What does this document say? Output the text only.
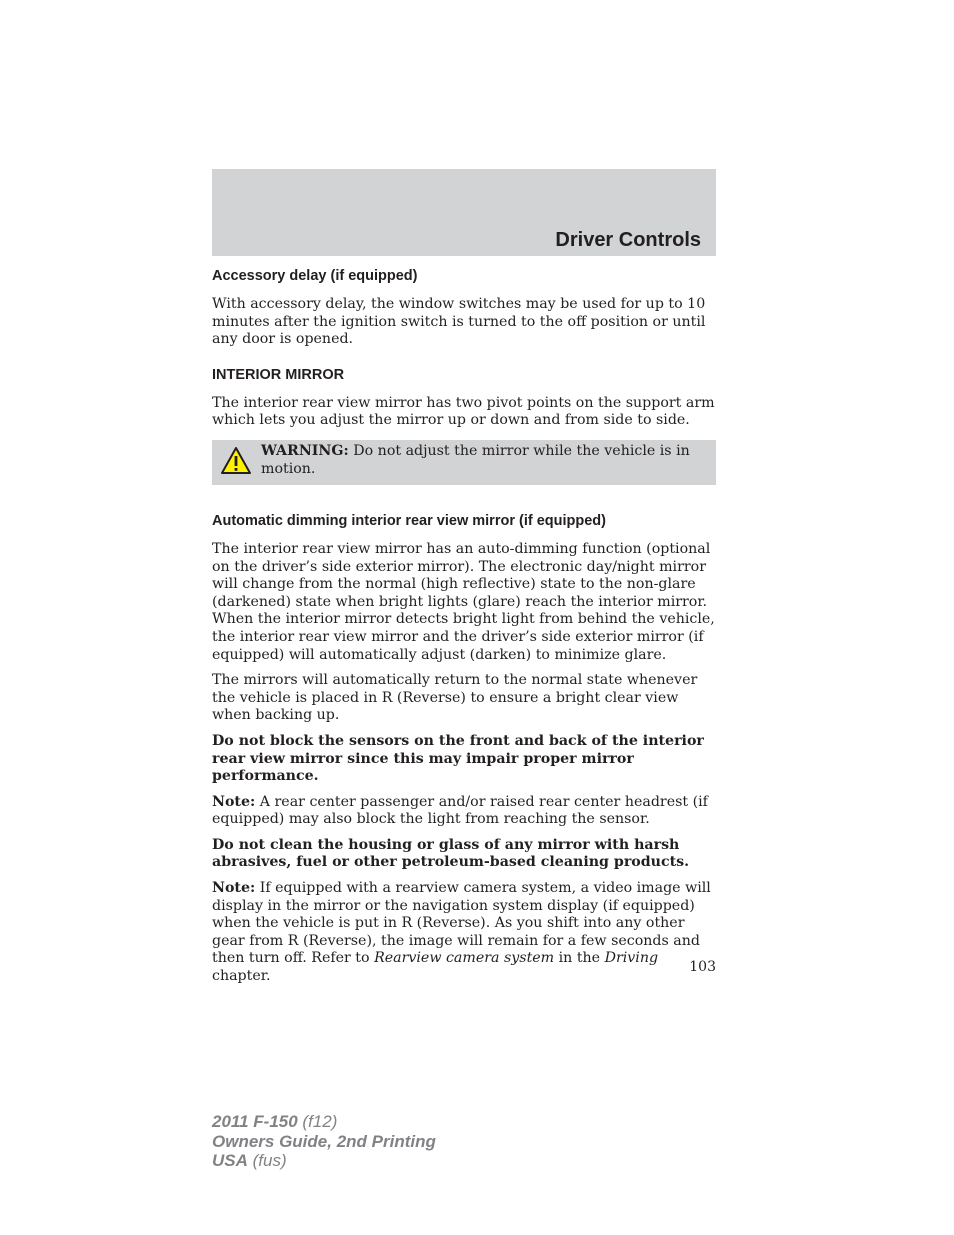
Driver Controls
Accessory delay (if equipped)

With accessory delay, the window switches may be used for up to 10 minutes after the ignition switch is turned to the off position or until any door is opened.

INTERIOR MIRROR

The interior rear view mirror has two pivot points on the support arm which lets you adjust the mirror up or down and from side to side.

WARNING: Do not adjust the mirror while the vehicle is in motion.
Automatic dimming interior rear view mirror (if equipped)

The interior rear view mirror has an auto-dimming function (optional on the driver’s side exterior mirror). The electronic day/night mirror will change from the normal (high reflective) state to the non-glare (darkened) state when bright lights (glare) reach the interior mirror. When the interior mirror detects bright light from behind the vehicle, the interior rear view mirror and the driver’s side exterior mirror (if equipped) will automatically adjust (darken) to minimize glare.

The mirrors will automatically return to the normal state whenever the vehicle is placed in R (Reverse) to ensure a bright clear view when backing up.

Do not block the sensors on the front and back of the interior rear view mirror since this may impair proper mirror performance.

Note: A rear center passenger and/or raised rear center headrest (if equipped) may also block the light from reaching the sensor.

Do not clean the housing or glass of any mirror with harsh abrasives, fuel or other petroleum-based cleaning products.

Note: If equipped with a rearview camera system, a video image will display in the mirror or the navigation system display (if equipped) when the vehicle is put in R (Reverse). As you shift into any other gear from R (Reverse), the image will remain for a few seconds and then turn off. Refer to Rearview camera system in the Driving chapter.

103
2011 F-150 (f12)
Owners Guide, 2nd Printing
USA (fus)
